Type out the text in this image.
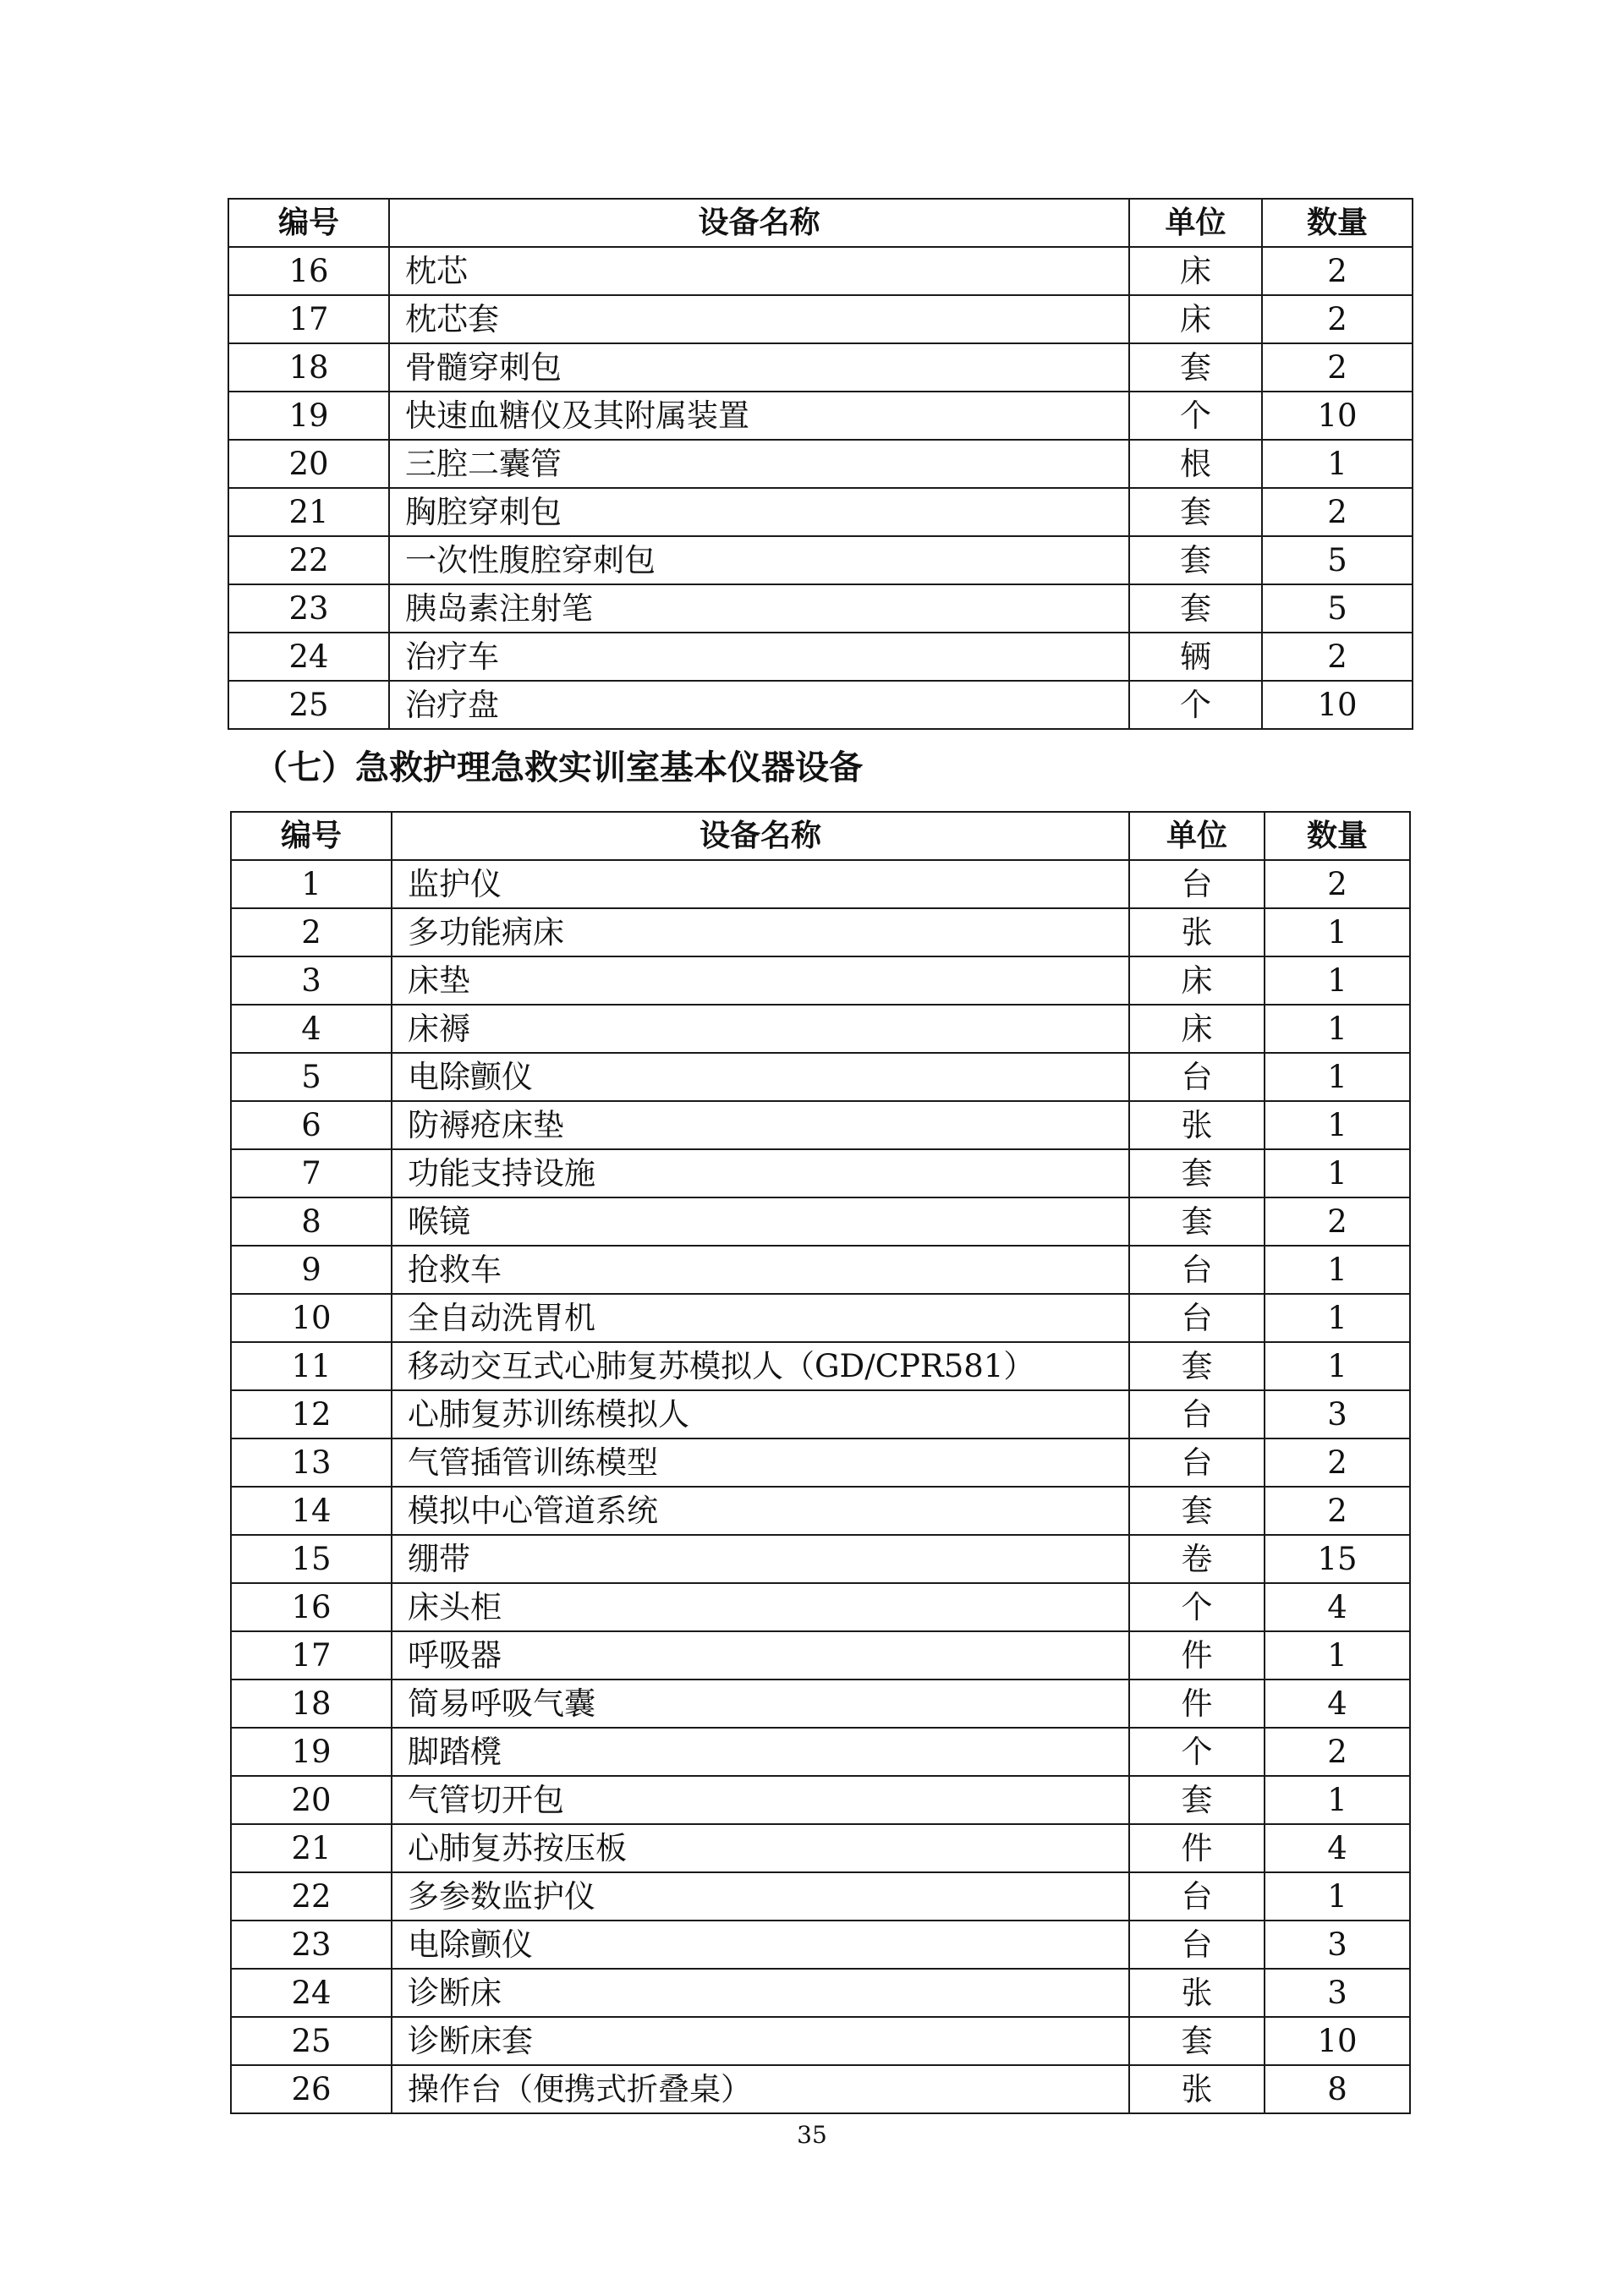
编号	设备名称	单位	数量
16	枕芯	床	2
17	枕芯套	床	2
18	骨髓穿刺包	套	2
19	快速血糖仪及其附属装置	个	10
20	三腔二囊管	根	1
21	胸腔穿刺包	套	2
22	一次性腹腔穿刺包	套	5
23	胰岛素注射笔	套	5
24	治疗车	辆	2
25	治疗盘	个	10
（七）急救护理急救实训室基本仪器设备
编号	设备名称	单位	数量
1	监护仪	台	2
2	多功能病床	张	1
3	床垫	床	1
4	床褥	床	1
5	电除颤仪	台	1
6	防褥疮床垫	张	1
7	功能支持设施	套	1
8	喉镜	套	2
9	抢救车	台	1
10	全自动洗胃机	台	1
11	移动交互式心肺复苏模拟人（GD/CPR581）	套	1
12	心肺复苏训练模拟人	台	3
13	气管插管训练模型	台	2
14	模拟中心管道系统	套	2
15	绷带	卷	15
16	床头柜	个	4
17	呼吸器	件	1
18	简易呼吸气囊	件	4
19	脚踏櫈	个	2
20	气管切开包	套	1
21	心肺复苏按压板	件	4
22	多参数监护仪	台	1
23	电除颤仪	台	3
24	诊断床	张	3
25	诊断床套	套	10
26	操作台（便携式折叠桌）	张	8
35
